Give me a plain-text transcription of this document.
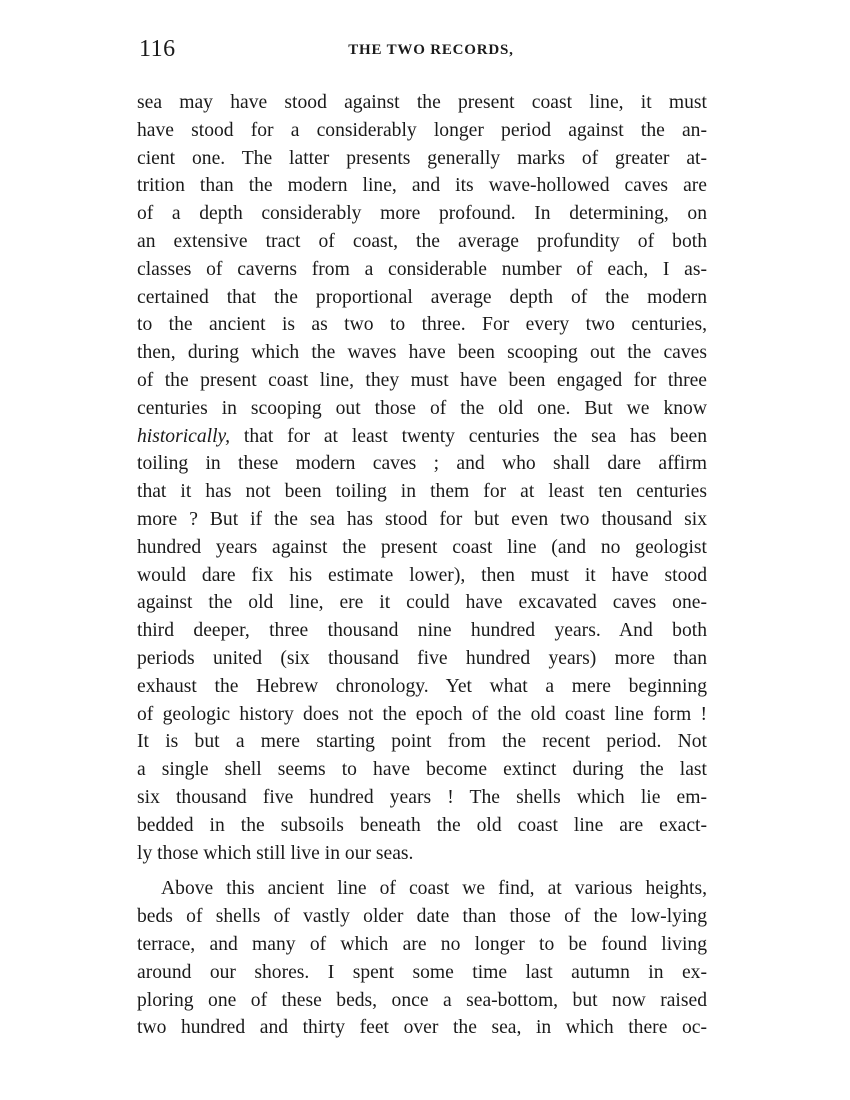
116	THE TWO RECORDS,
sea may have stood against the present coast line, it must
have stood for a considerably longer period against the an-
cient one. The latter presents generally marks of greater at-
trition than the modern line, and its wave-hollowed caves are
of a depth considerably more profound. In determining, on
an extensive tract of coast, the average profundity of both
classes of caverns from a considerable number of each, I as-
certained that the proportional average depth of the modern
to the ancient is as two to three. For every two centuries,
then, during which the waves have been scooping out the caves
of the present coast line, they must have been engaged for three
centuries in scooping out those of the old one. But we know
historically, that for at least twenty centuries the sea has been
toiling in these modern caves ; and who shall dare affirm
that it has not been toiling in them for at least ten centuries
more ? But if the sea has stood for but even two thousand six
hundred years against the present coast line (and no geologist
would dare fix his estimate lower), then must it have stood
against the old line, ere it could have excavated caves one-
third deeper, three thousand nine hundred years. And both
periods united (six thousand five hundred years) more than
exhaust the Hebrew chronology. Yet what a mere beginning
of geologic history does not the epoch of the old coast line form !
It is but a mere starting point from the recent period. Not
a single shell seems to have become extinct during the last
six thousand five hundred years ! The shells which lie em-
bedded in the subsoils beneath the old coast line are exact-
ly those which still live in our seas.
Above this ancient line of coast we find, at various heights,
beds of shells of vastly older date than those of the low-lying
terrace, and many of which are no longer to be found living
around our shores. I spent some time last autumn in ex-
ploring one of these beds, once a sea-bottom, but now raised
two hundred and thirty feet over the sea, in which there oc-
